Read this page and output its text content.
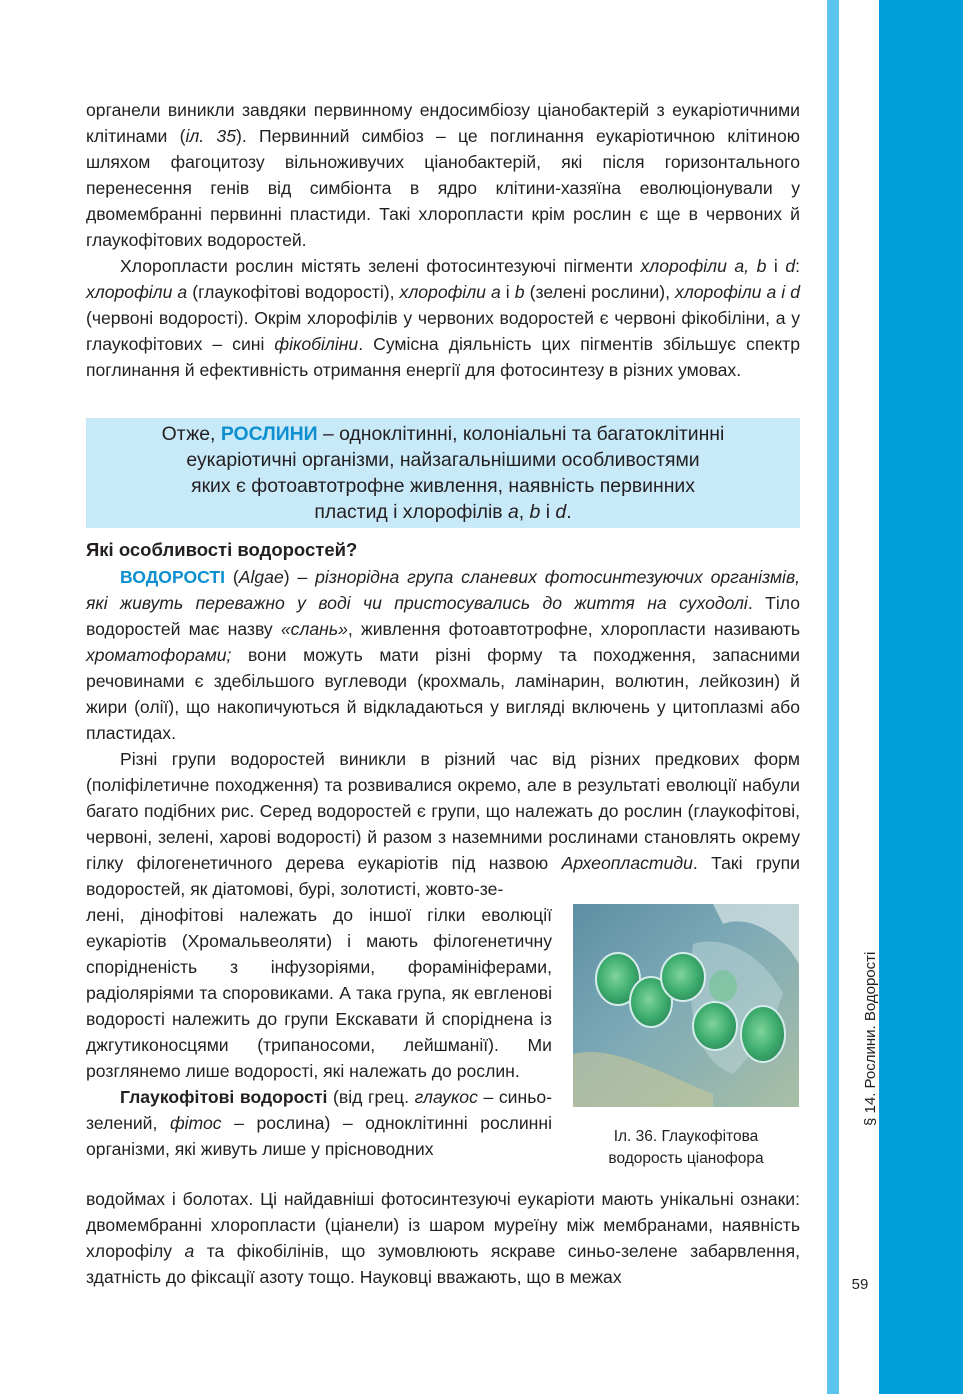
органели виникли завдяки первинному ендосимбіозу ціанобактерій з еукаріотичними клітинами (іл. 35). Первинний симбіоз – це поглинання еукаріотичною клітиною шляхом фагоцитозу вільноживучих ціанобактерій, які після горизонтального перенесення генів від симбіонта в ядро клітини-хазяїна еволюціонували у двомембранні первинні пластиди. Такі хлоропласти крім рослин є ще в червоних й глаукофітових водоростей.

Хлоропласти рослин містять зелені фотосинтезуючі пігменти хлорофіли a, b і d: хлорофіли a (глаукофітові водорості), хлорофіли a і b (зелені рослини), хлорофіли a і d (червоні водорості). Окрім хлорофілів у червоних водоростей є червоні фікобіліни, а у глаукофітових – сині фікобіліни. Сумісна діяльність цих пігментів збільшує спектр поглинання й ефективність отримання енергії для фотосинтезу в різних умовах.

Отже, РОСЛИНИ – одноклітинні, колоніальні та багатоклітинні
еукаріотичні організми, найзагальнішими особливостями
яких є фотоавтотрофне живлення, наявність первинних
пластид і хлорофілів a, b і d.
Які особливості водоростей?

ВОДОРОСТІ (Algae) – різнорідна група сланевих фотосинтезуючих організмів, які живуть переважно у воді чи пристосувались до життя на суходолі. Тіло водоростей має назву «слань», живлення фотоавтотрофне, хлоропласти називають хроматофорами; вони можуть мати різні форму та походження, запасними речовинами є здебільшого вуглеводи (крохмаль, ламінарин, волютин, лейкозин) й жири (олії), що накопичуються й відкладаються у вигляді включень у цитоплазмі або пластидах.

Різні групи водоростей виникли в різний час від різних предкових форм (поліфілетичне походження) та розвивалися окремо, але в результаті еволюції набули багато подібних рис. Серед водоростей є групи, що належать до рослин (глаукофітові, червоні, зелені, харові водорості) й разом з наземними рослинами становлять окрему гілку філогенетичного дерева еукаріотів під назвою Археопластиди. Такі групи водоростей, як діатомові, бурі, золотисті, жовто-зе-

лені, дінофітові належать до іншої гілки еволюції еукаріотів (Хромальвеоляти) і мають філогенетичну спорідненість з інфузоріями, форамініферами, радіоляріями та споровиками. А така група, як евгленові водорості належить до групи Екскавати й споріднена із джгутиконосцями (трипаносоми, лейшманії). Ми розглянемо лише водорості, які належать до рослин.

Глаукофітові водорості (від грец. глаукос – синьо-зелений, фітос – рослина) – одноклітинні рослинні організми, які живуть лише у прісноводних

Іл. 36. Глаукофітова
водорость ціанофора

водоймах і болотах. Ці найдавніші фотосинтезуючі еукаріоти мають унікальні ознаки: двомембранні хлоропласти (ціанели) із шаром муреїну між мембранами, наявність хлорофілу a та фікобілінів, що зумовлюють яскраве синьо-зелене забарвлення, здатність до фіксації азоту тощо. Науковці вважають, що в межах

§ 14. Рослини. Водорості
59
